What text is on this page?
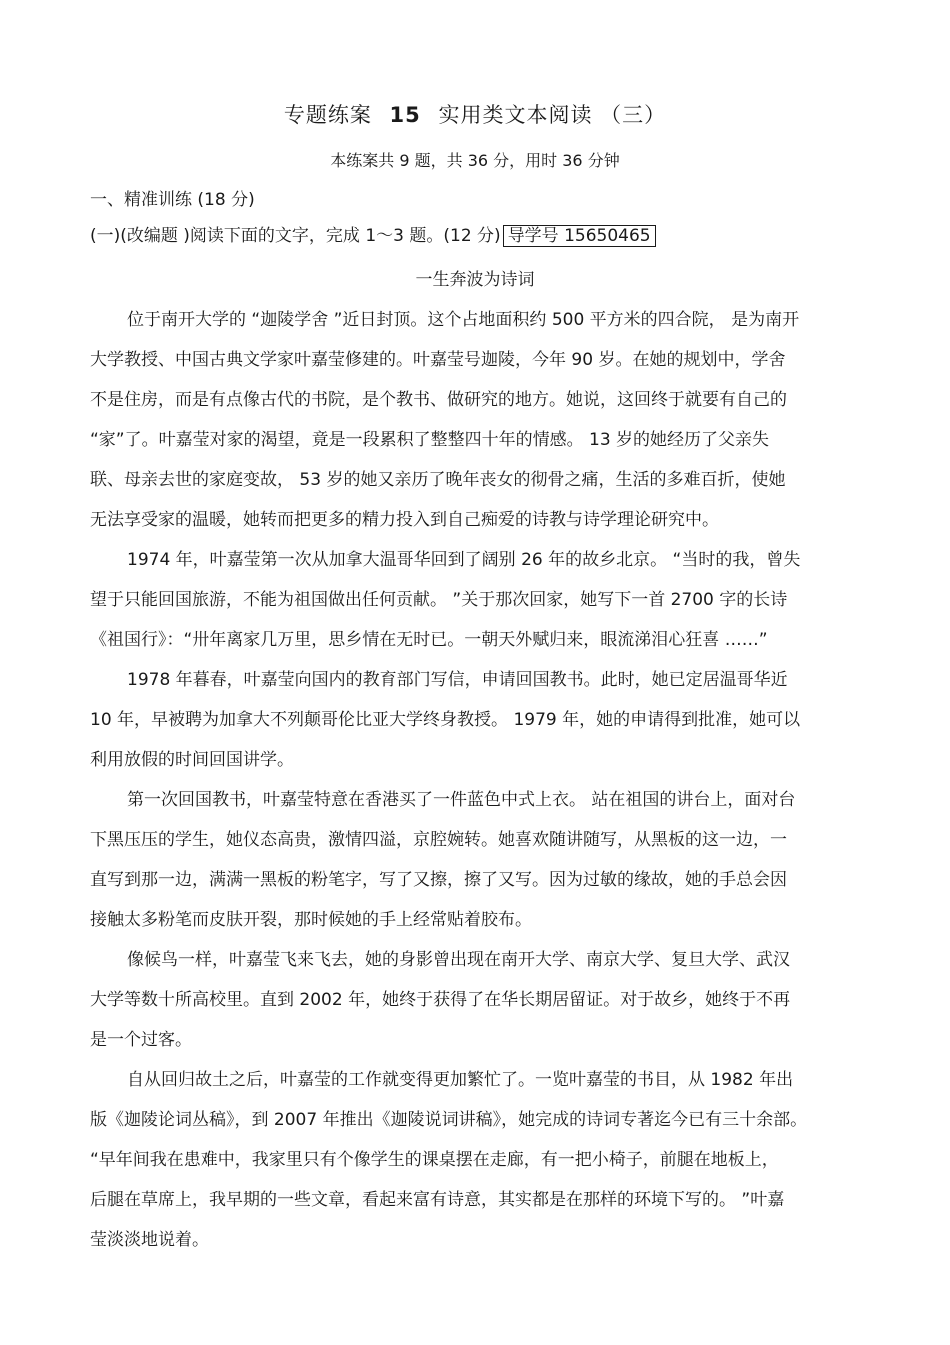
专题练案 15 实用类文本阅读 （三）
本练案共 9 题，共 36 分，用时 36 分钟
一、精准训练 (18 分)
(一)(改编题 )阅读下面的文字，完成 1～3 题。(12 分) 导学号 15650465
一生奔波为诗词
位于南开大学的 “迦陵学舍 ”近日封顶。这个占地面积约 500 平方米的四合院， 是为南开
大学教授、中国古典文学家叶嘉莹修建的。叶嘉莹号迦陵，今年 90 岁。在她的规划中，学舍
不是住房，而是有点像古代的书院，是个教书、做研究的地方。她说，这回终于就要有自己的
“家”了。叶嘉莹对家的渴望，竟是一段累积了整整四十年的情感。 13 岁的她经历了父亲失
联、母亲去世的家庭变故， 53 岁的她又亲历了晚年丧女的彻骨之痛，生活的多难百折，使她
无法享受家的温暖，她转而把更多的精力投入到自己痴爱的诗教与诗学理论研究中。
1974 年，叶嘉莹第一次从加拿大温哥华回到了阔别 26 年的故乡北京。 “当时的我，曾失
望于只能回国旅游，不能为祖国做出任何贡献。 ”关于那次回家，她写下一首 2700 字的长诗
《祖国行》：“卅年离家几万里，思乡情在无时已。一朝天外赋归来，眼流涕泪心狂喜 ……”
1978 年暮春，叶嘉莹向国内的教育部门写信，申请回国教书。此时，她已定居温哥华近
10 年，早被聘为加拿大不列颠哥伦比亚大学终身教授。 1979 年，她的申请得到批准，她可以
利用放假的时间回国讲学。
第一次回国教书，叶嘉莹特意在香港买了一件蓝色中式上衣。 站在祖国的讲台上，面对台
下黑压压的学生，她仪态高贵，激情四溢，京腔婉转。她喜欢随讲随写，从黑板的这一边，一
直写到那一边，满满一黑板的粉笔字，写了又擦，擦了又写。因为过敏的缘故，她的手总会因
接触太多粉笔而皮肤开裂，那时候她的手上经常贴着胶布。
像候鸟一样，叶嘉莹飞来飞去，她的身影曾出现在南开大学、南京大学、复旦大学、武汉
大学等数十所高校里。直到 2002 年，她终于获得了在华长期居留证。对于故乡，她终于不再
是一个过客。
自从回归故土之后，叶嘉莹的工作就变得更加繁忙了。一览叶嘉莹的书目，从 1982 年出
版《迦陵论词丛稿》，到 2007 年推出《迦陵说词讲稿》，她完成的诗词专著迄今已有三十余部。
“早年间我在患难中，我家里只有个像学生的课桌摆在走廊，有一把小椅子，前腿在地板上，
后腿在草席上，我早期的一些文章，看起来富有诗意，其实都是在那样的环境下写的。 ”叶嘉
莹淡淡地说着。
